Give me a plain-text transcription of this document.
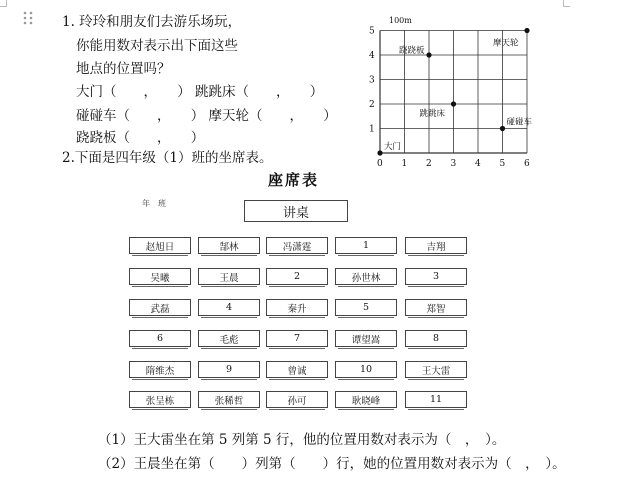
1. 玲玲和朋友们去游乐场玩，
你能用数对表示出下面这些
地点的位置吗？
大门（　　，　　） 跳跳床（　　，　　）
碰碰车（　　，　　） 摩天轮（　　，　　）
跷跷板（　　，　　）
0 1 2 3 4 5 6
1
2
3
4
5
跷跷板
摩天轮
跳跳床
碰碰车
大门
100m
2.下面是四年级（1）班的坐席表。
座席表
年　班
讲桌
赵旭日	郜林	冯潇霆	1	吉翔
吴曦	王晨	2	孙世林	3
武磊	4	秦升	5	郑智
6	毛彪	7	谭望嵩	8
隋维杰	9	曾诚	10	王大雷
张呈栋	张稀哲	孙可	耿晓峰	11
（1）王大雷坐在第 5 列第 5 行，他的位置用数对表示为（　，　）。
（2）王晨坐在第（　　）列第（　　）行，她的位置用数对表示为（　，　）。
